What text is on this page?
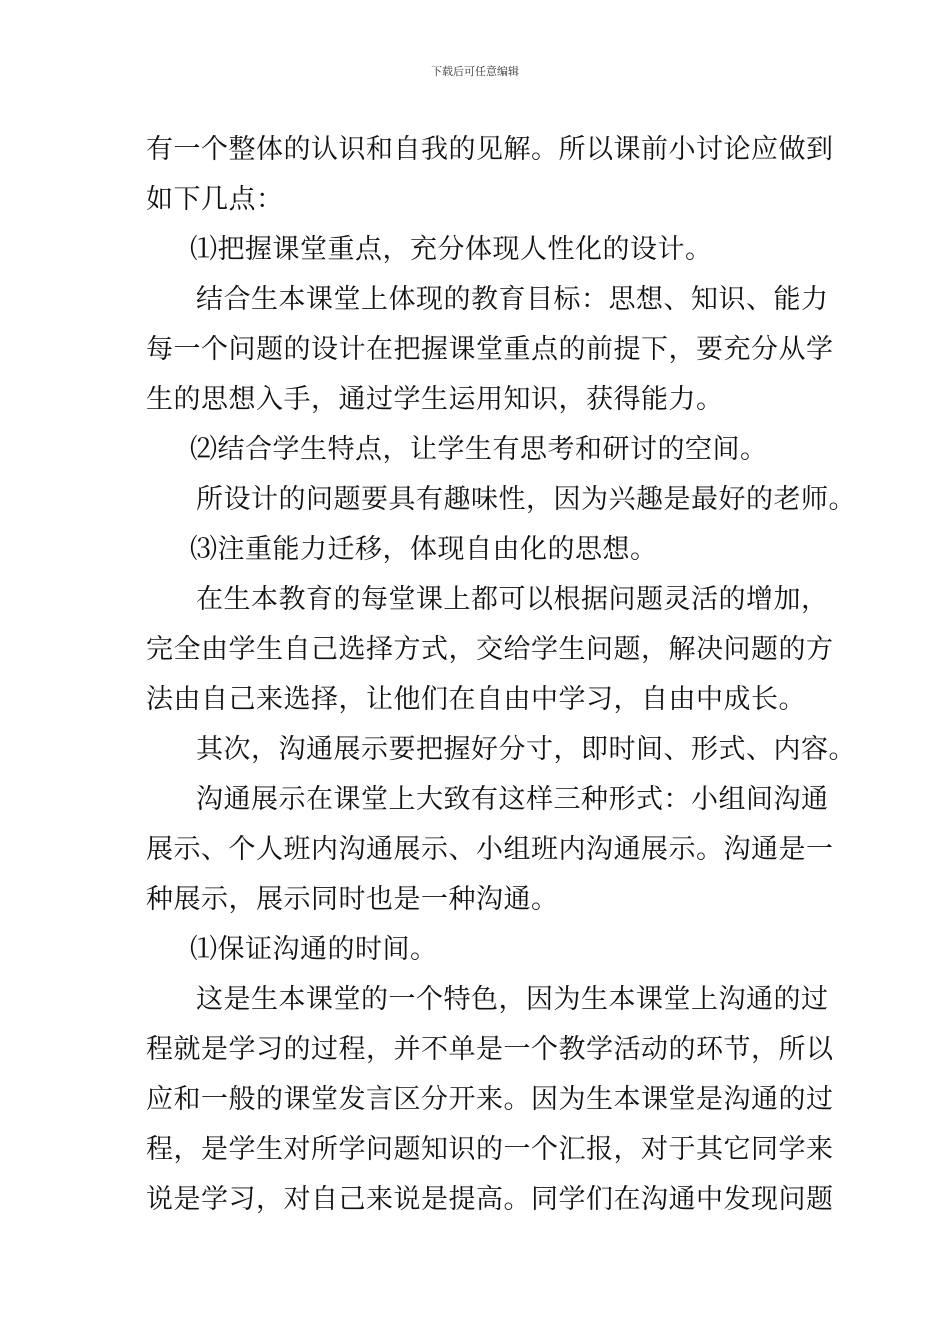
下载后可任意编辑
有一个整体的认识和自我的见解。所以课前小讨论应做到
如下几点：
⑴把握课堂重点，充分体现人性化的设计。
结合生本课堂上体现的教育目标：思想、知识、能力
每一个问题的设计在把握课堂重点的前提下，要充分从学
生的思想入手，通过学生运用知识，获得能力。
⑵结合学生特点，让学生有思考和研讨的空间。
所设计的问题要具有趣味性，因为兴趣是最好的老师。
⑶注重能力迁移，体现自由化的思想。
在生本教育的每堂课上都可以根据问题灵活的增加，
完全由学生自己选择方式，交给学生问题，解决问题的方
法由自己来选择，让他们在自由中学习，自由中成长。
其次，沟通展示要把握好分寸，即时间、形式、内容。
沟通展示在课堂上大致有这样三种形式：小组间沟通
展示、个人班内沟通展示、小组班内沟通展示。沟通是一
种展示，展示同时也是一种沟通。
⑴保证沟通的时间。
这是生本课堂的一个特色，因为生本课堂上沟通的过
程就是学习的过程，并不单是一个教学活动的环节，所以
应和一般的课堂发言区分开来。因为生本课堂是沟通的过
程，是学生对所学问题知识的一个汇报，对于其它同学来
说是学习，对自己来说是提高。同学们在沟通中发现问题
